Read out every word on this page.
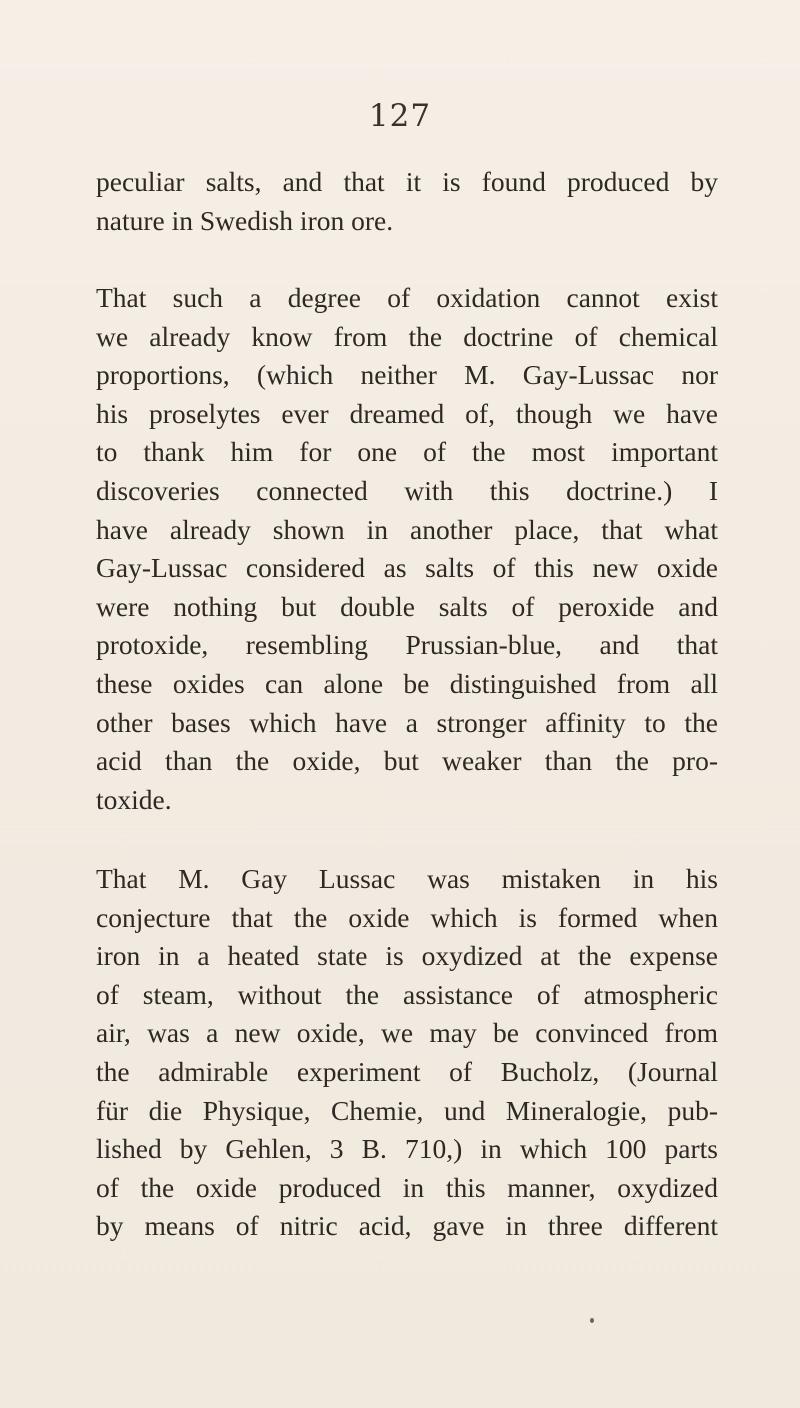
127
peculiar salts, and that it is found produced by
nature in Swedish iron ore.
That such a degree of oxidation cannot exist
we already know from the doctrine of chemical
proportions, (which neither M. Gay-Lussac nor
his proselytes ever dreamed of, though we have
to thank him for one of the most important
discoveries connected with this doctrine.) I
have already shown in another place, that what
Gay-Lussac considered as salts of this new oxide
were nothing but double salts of peroxide and
protoxide, resembling Prussian-blue, and that
these oxides can alone be distinguished from all
other bases which have a stronger affinity to the
acid than the oxide, but weaker than the pro-
toxide.
That M. Gay Lussac was mistaken in his
conjecture that the oxide which is formed when
iron in a heated state is oxydized at the expense
of steam, without the assistance of atmospheric
air, was a new oxide, we may be convinced from
the admirable experiment of Bucholz, (Journal
für die Physique, Chemie, und Mineralogie, pub-
lished by Gehlen, 3 B. 710,) in which 100 parts
of the oxide produced in this manner, oxydized
by means of nitric acid, gave in three different
